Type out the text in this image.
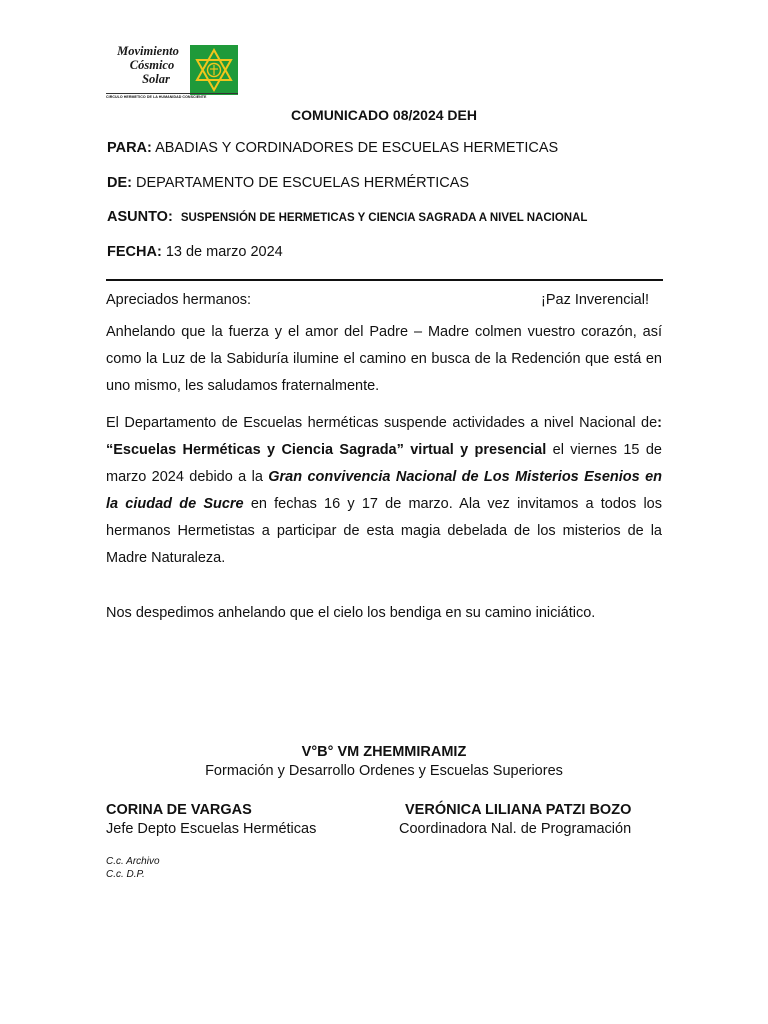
Movimiento
Cósmico
Solar
CIRCULO HERMETICO DE LA HUMANIDAD CONSCIENTE
COMUNICADO 08/2024 DEH
PARA: ABADIAS Y CORDINADORES DE ESCUELAS HERMETICAS
DE: DEPARTAMENTO DE ESCUELAS HERMÉRTICAS
ASUNTO: SUSPENSIÓN DE HERMETICAS Y CIENCIA SAGRADA A NIVEL NACIONAL
FECHA: 13 de marzo 2024
Apreciados hermanos:	¡Paz Inverencial!
Anhelando que la fuerza y el amor del Padre – Madre colmen vuestro corazón, así como la Luz de la Sabiduría ilumine el camino en busca de la Redención que está en uno mismo, les saludamos fraternalmente.
El Departamento de Escuelas herméticas suspende actividades a nivel Nacional de: “Escuelas Herméticas y Ciencia Sagrada” virtual y presencial el viernes 15 de marzo 2024 debido a la Gran convivencia Nacional de Los Misterios Esenios en la ciudad de Sucre en fechas 16 y 17 de marzo. Ala vez invitamos a todos los hermanos Hermetistas a participar de esta magia debelada de los misterios de la Madre Naturaleza.
Nos despedimos anhelando que el cielo los bendiga en su camino iniciático.
V°B° VM ZHEMMIRAMIZ
Formación y Desarrollo Ordenes y Escuelas Superiores
CORINA DE VARGAS
Jefe Depto Escuelas Herméticas
VERÓNICA LILIANA PATZI BOZO
Coordinadora Nal. de Programación
C.c. Archivo
C.c. D.P.
